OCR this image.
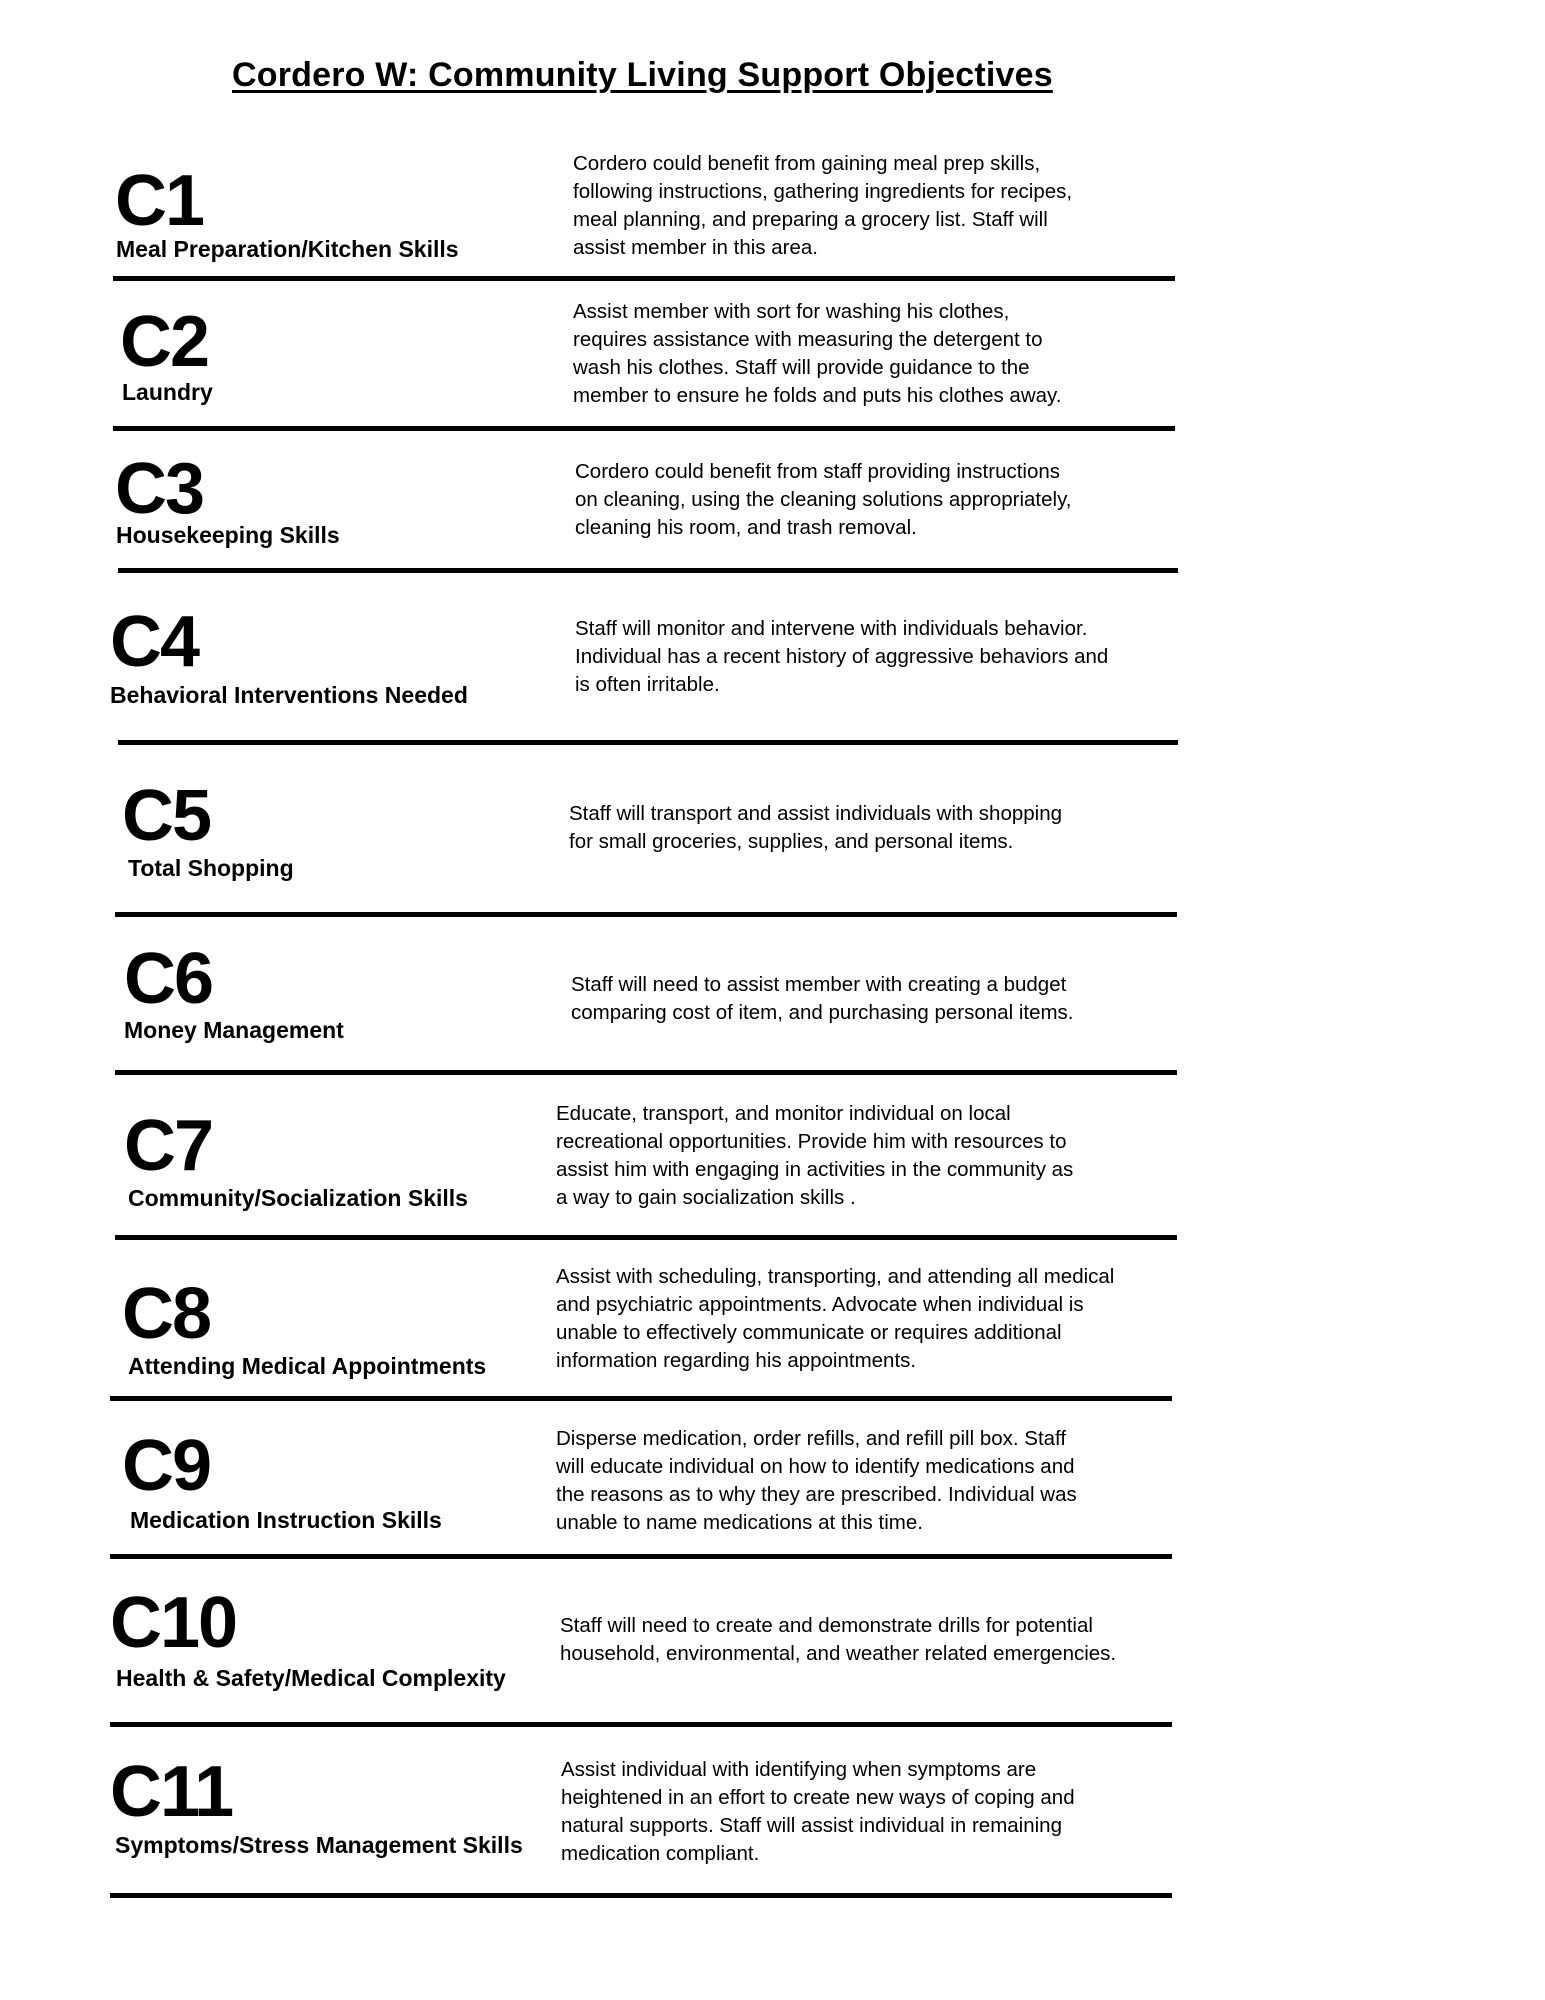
Cordero W: Community Living Support Objectives
C1
Meal Preparation/Kitchen Skills

Cordero could benefit from gaining meal prep skills,
following instructions, gathering ingredients for recipes,
meal planning, and preparing a grocery list. Staff will
assist member in this area.

C2
Laundry

Assist member with sort for washing his clothes,
requires assistance with measuring the detergent to
wash his clothes. Staff will provide guidance to the
member to ensure he folds and puts his clothes away.

C3
Housekeeping Skills

Cordero could benefit from staff providing instructions
on cleaning, using the cleaning solutions appropriately,
cleaning his room, and trash removal.

C4
Behavioral Interventions Needed

Staff will monitor and intervene with individuals behavior.
Individual has a recent history of aggressive behaviors and
is often irritable.

C5
Total Shopping

Staff will transport and assist individuals with shopping
for small groceries, supplies, and personal items.

C6
Money Management

Staff will need to assist member with creating a budget
comparing cost of item, and purchasing personal items.

C7
Community/Socialization Skills

Educate, transport, and monitor individual on local
recreational opportunities. Provide him with resources to
assist him with engaging in activities in the community as
a way to gain socialization skills .

C8
Attending Medical Appointments

Assist with scheduling, transporting, and attending all medical
and psychiatric appointments. Advocate when individual is
unable to effectively communicate or requires additional
information regarding his appointments.

C9
Medication Instruction Skills

Disperse medication, order refills, and refill pill box. Staff
will educate individual on how to identify medications and
the reasons as to why they are prescribed. Individual was
unable to name medications at this time.

C10
Health & Safety/Medical Complexity

Staff will need to create and demonstrate drills for potential
household, environmental, and weather related emergencies.

C11
Symptoms/Stress Management Skills

Assist individual with identifying when symptoms are
heightened in an effort to create new ways of coping and
natural supports. Staff will assist individual in remaining
medication compliant.
